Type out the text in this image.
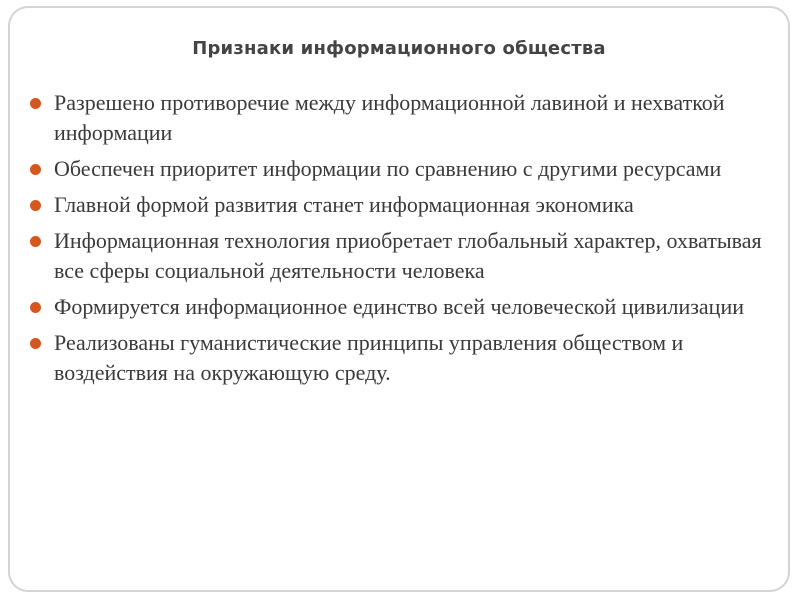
Признаки информационного общества
Разрешено противоречие между информационной лавиной и нехваткой информации
Обеспечен приоритет информации по сравнению с другими ресурсами
Главной формой развития станет информационная экономика
Информационная технология приобретает глобальный характер, охватывая все сферы социальной деятельности человека
Формируется информационное единство всей человеческой цивилизации
Реализованы гуманистические принципы управления обществом и воздействия на окружающую среду.
